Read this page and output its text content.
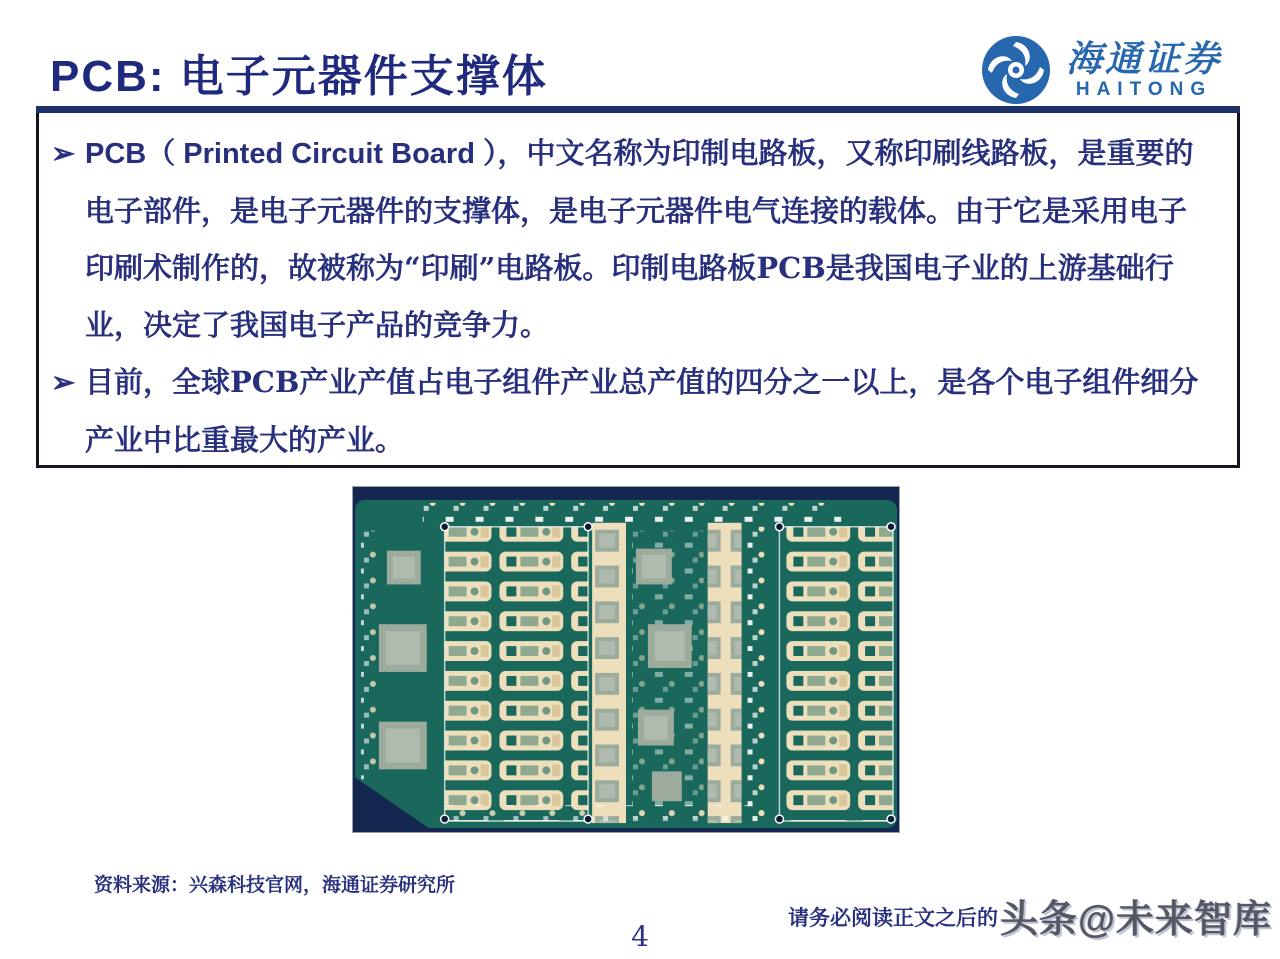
PCB: 电子元器件支撑体	海通证券
HAITONG

➢ PCB（ Printed Circuit Board ），中文名称为印制电路板，又称印刷线路板，是重要的电子部件，是电子元器件的支撑体，是电子元器件电气连接的载体。由于它是采用电子印刷术制作的，故被称为“印刷”电路板。印制电路板PCB是我国电子业的上游基础行业，决定了我国电子产品的竞争力。

➢ 目前，全球PCB产业产值占电子组件产业总产值的四分之一以上，是各个电子组件细分产业中比重最大的产业。

资料来源：兴森科技官网，海通证券研究所
请务必阅读正文之后的 头条@未来智库
4
